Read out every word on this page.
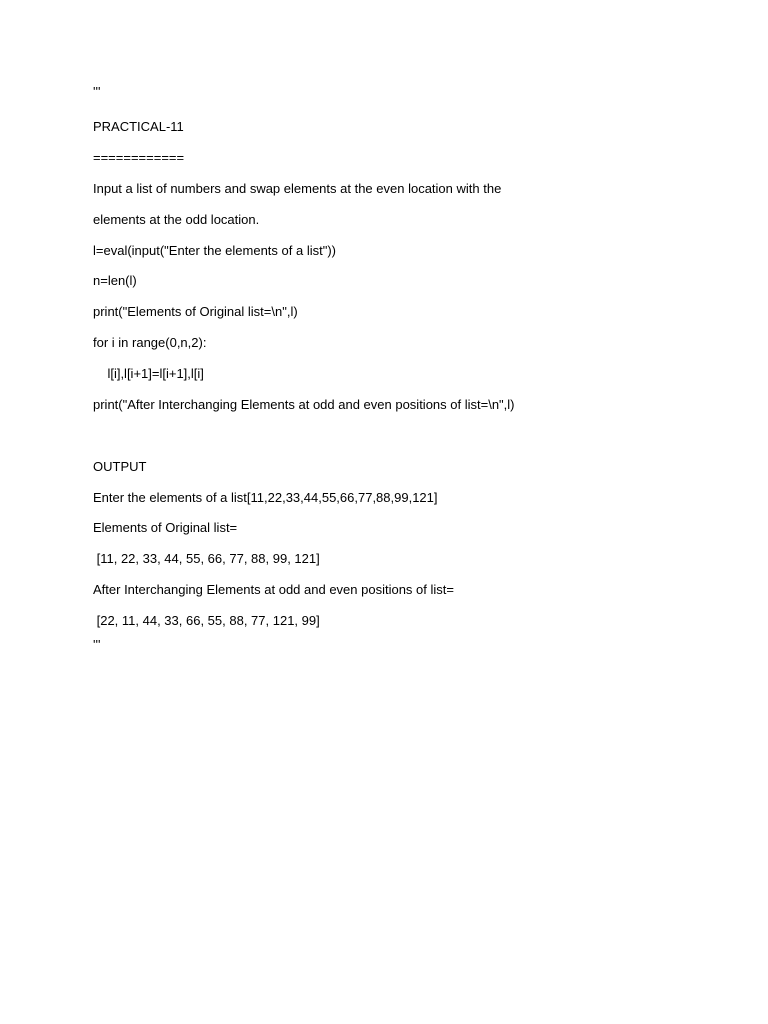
'''
PRACTICAL-11
============
Input a list of numbers and swap elements at the even location with the
elements at the odd location.
l=eval(input("Enter the elements of a list"))
n=len(l)
print("Elements of Original list=\n",l)
for i in range(0,n,2):
l[i],l[i+1]=l[i+1],l[i]
print("After Interchanging Elements at odd and even positions of list=\n",l)
OUTPUT
Enter the elements of a list[11,22,33,44,55,66,77,88,99,121]
Elements of Original list=
[11, 22, 33, 44, 55, 66, 77, 88, 99, 121]
After Interchanging Elements at odd and even positions of list=
[22, 11, 44, 33, 66, 55, 88, 77, 121, 99]
'''
